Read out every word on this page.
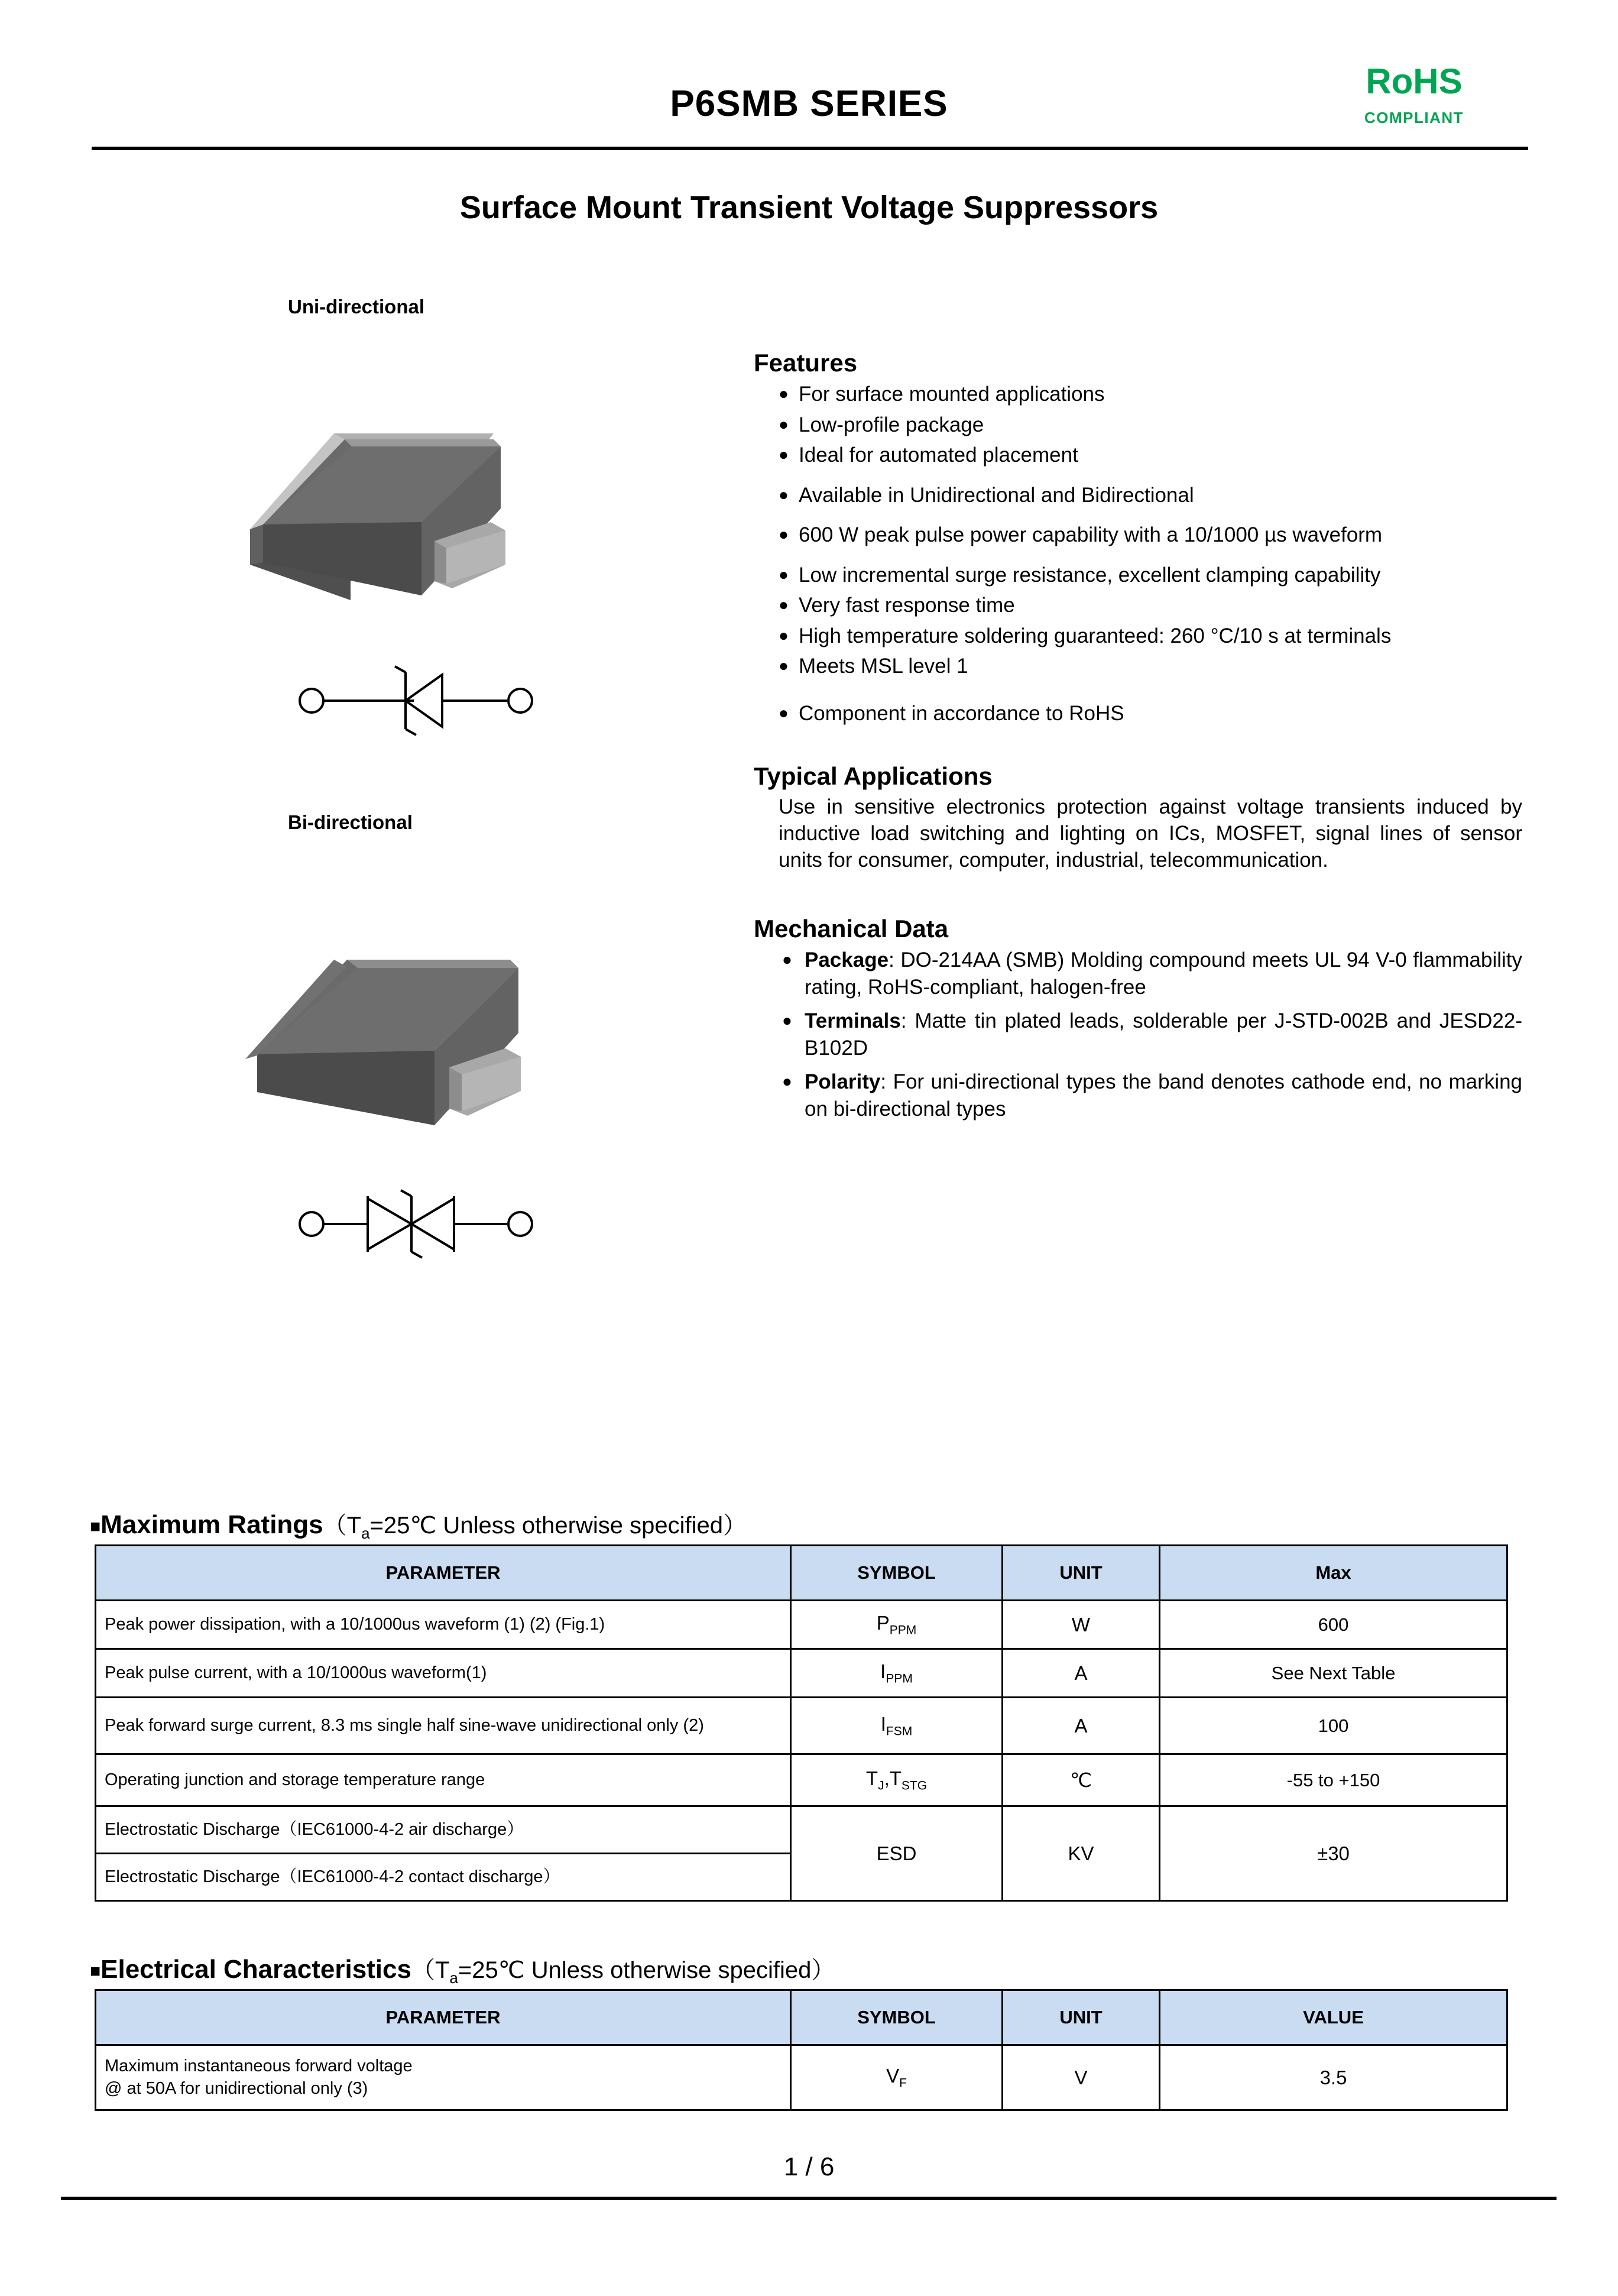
P6SMB SERIES
RoHS
COMPLIANT
Surface Mount Transient Voltage Suppressors
Uni-directional
Bi-directional
Features
● For surface mounted applications
● Low-profile package
● Ideal for automated placement
● Available in Unidirectional and Bidirectional
● 600 W peak pulse power capability with a 10/1000 µs waveform
● Low incremental surge resistance, excellent clamping capability
● Very fast response time
● High temperature soldering guaranteed: 260 °C/10 s at terminals
● Meets MSL level 1
● Component in accordance to RoHS
Typical Applications
Use in sensitive electronics protection against voltage transients induced by inductive load switching and lighting on ICs, MOSFET, signal lines of sensor units for consumer, computer, industrial, telecommunication.
Mechanical Data
● Package: DO-214AA (SMB) Molding compound meets UL 94 V-0 flammability rating, RoHS-compliant, halogen-free
● Terminals: Matte tin plated leads, solderable per J-STD-002B and JESD22-B102D
● Polarity: For uni-directional types the band denotes cathode end, no marking on bi-directional types
■Maximum $Ratings(T_a=25℃$ Unless otherwise specified）
PARAMETER	SYMBOL	UNIT	Max
Peak power dissipation, with a 10/1000us waveform (1) (2) (Fig.1)	$P_{PPM}$	W	600
Peak pulse current, with a 10/1000us waveform(1)	$I_{PPM}$	A	See Next Table
Peak forward surge current, 8.3 ms single half sine-wave unidirectional only (2)	$I_{FSM}$	A	100
Operating junction and storage temperature range	$T_J,T_{STG}$	℃	-55 to +150
Electrostatic Discharge（IEC61000-4-2 air discharge）	ESD	KV	±30
Electrostatic Discharge（IEC61000-4-2 contact discharge）			
■Electrical $Characteristics(T_a=25℃$ Unless otherwise specified）
PARAMETER	SYMBOL	UNIT	VALUE

Maximum instantaneous forward voltage
@ at 50A for unidirectional only (3)	$V_F$	V	3.5
1 / 6
